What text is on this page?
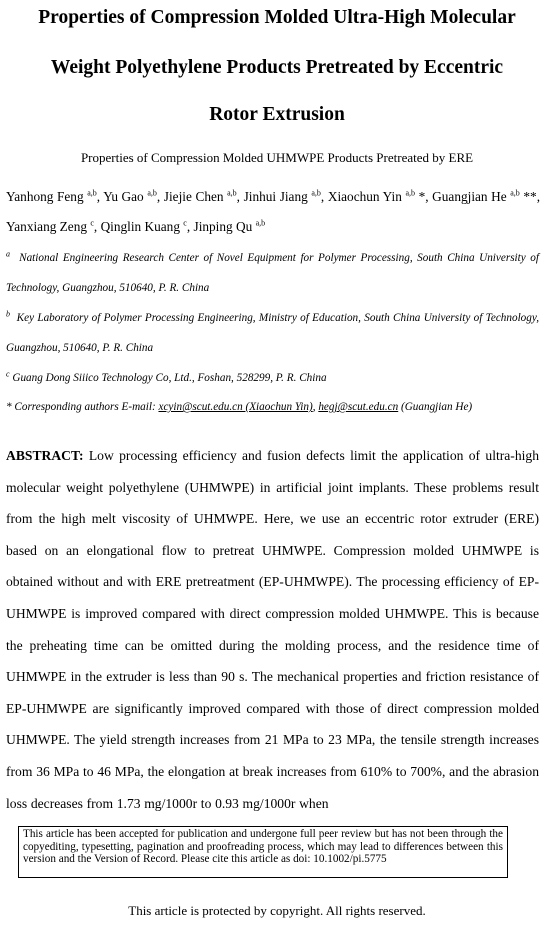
Properties of Compression Molded Ultra-High Molecular
Weight Polyethylene Products Pretreated by Eccentric
Rotor Extrusion
Properties of Compression Molded UHMWPE Products Pretreated by ERE
Yanhong Feng $^{a,b}$, Yu Gao $^{a,b}$, Jiejie Chen $^{a,b}$, Jinhui Jiang $^{a,b}$, Xiaochun Yin $^{a,b}$ *, Guangjian He $^{a,b}$ **, Yanxiang Zeng $^c$, Qinglin Kuang $^c$, Jinping Qu $^{a,b}$
$^a$ National Engineering Research Center of Novel Equipment for Polymer Processing, South China University of Technology, Guangzhou, 510640, P. R. China
$^b$ Key Laboratory of Polymer Processing Engineering, Ministry of Education, South China University of Technology, Guangzhou, 510640, P. R. China
$^c$ Guang Dong Siiico Technology Co, Ltd., Foshan, 528299, P. R. China
* Corresponding authors E-mail: xcyin@scut.edu.cn (Xiaochun Yin), hegj@scut.edu.cn (Guangjian He)
ABSTRACT: Low processing efficiency and fusion defects limit the application of ultra-high molecular weight polyethylene (UHMWPE) in artificial joint implants. These problems result from the high melt viscosity of UHMWPE. Here, we use an eccentric rotor extruder (ERE) based on an elongational flow to pretreat UHMWPE. Compression molded UHMWPE is obtained without and with ERE pretreatment (EP-UHMWPE). The processing efficiency of EP-UHMWPE is improved compared with direct compression molded UHMWPE. This is because the preheating time can be omitted during the molding process, and the residence time of UHMWPE in the extruder is less than 90 s. The mechanical properties and friction resistance of EP-UHMWPE are significantly improved compared with those of direct compression molded UHMWPE. The yield strength increases from 21 MPa to 23 MPa, the tensile strength increases from 36 MPa to 46 MPa, the elongation at break increases from 610% to 700%, and the abrasion loss decreases from 1.73 mg/1000r to 0.93 mg/1000r when
This article has been accepted for publication and undergone full peer review but has not been through the copyediting, typesetting, pagination and proofreading process, which may lead to differences between this version and the Version of Record. Please cite this article as doi: 10.1002/pi.5775
This article is protected by copyright. All rights reserved.
